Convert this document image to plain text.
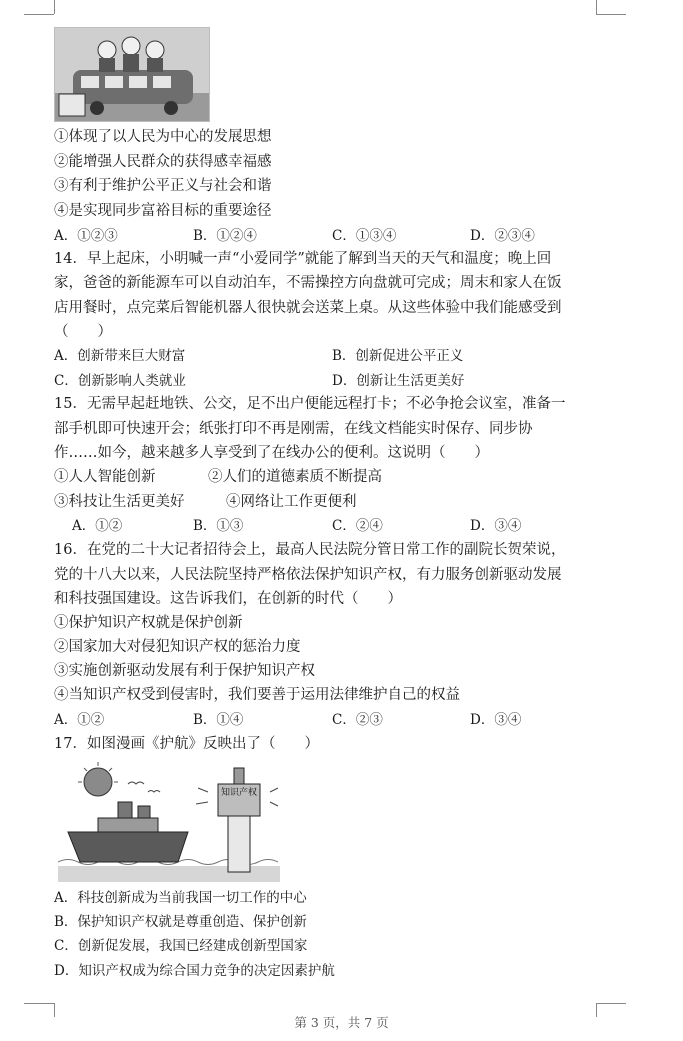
①体现了以人民为中心的发展思想
②能增强人民群众的获得感幸福感
③有利于维护公平正义与社会和谐
④是实现同步富裕目标的重要途径
A．①②③	B．①②④	C．①③④	D．②③④
14．早上起床，小明喊一声“小爱同学”就能了解到当天的天气和温度；晚上回
家，爸爸的新能源车可以自动泊车，不需操控方向盘就可完成；周末和家人在饭
店用餐时，点完菜后智能机器人很快就会送菜上桌。从这些体验中我们能感受到
（　　）
A．创新带来巨大财富	B．创新促进公平正义
C．创新影响人类就业	D．创新让生活更美好
15．无需早起赶地铁、公交，足不出户便能远程打卡；不必争抢会议室，准备一
部手机即可快速开会；纸张打印不再是刚需，在线文档能实时保存、同步协
作……如今，越来越多人享受到了在线办公的便利。这说明（　　）
①人人智能创新	②人们的道德素质不断提高
③科技让生活更美好	④网络让工作更便利
A．①②	B．①③	C．②④	D．③④
16．在党的二十大记者招待会上，最高人民法院分管日常工作的副院长贺荣说，
党的十八大以来，人民法院坚持严格依法保护知识产权，有力服务创新驱动发展
和科技强国建设。这告诉我们，在创新的时代（　　）
①保护知识产权就是保护创新
②国家加大对侵犯知识产权的惩治力度
③实施创新驱动发展有利于保护知识产权
④当知识产权受到侵害时，我们要善于运用法律维护自己的权益
A．①②	B．①④	C．②③	D．③④
17．如图漫画《护航》反映出了（　　）
知识产权
A．科技创新成为当前我国一切工作的中心
B．保护知识产权就是尊重创造、保护创新
C．创新促发展，我国已经建成创新型国家
D．知识产权成为综合国力竞争的决定因素护航
第 3 页，共 7 页
